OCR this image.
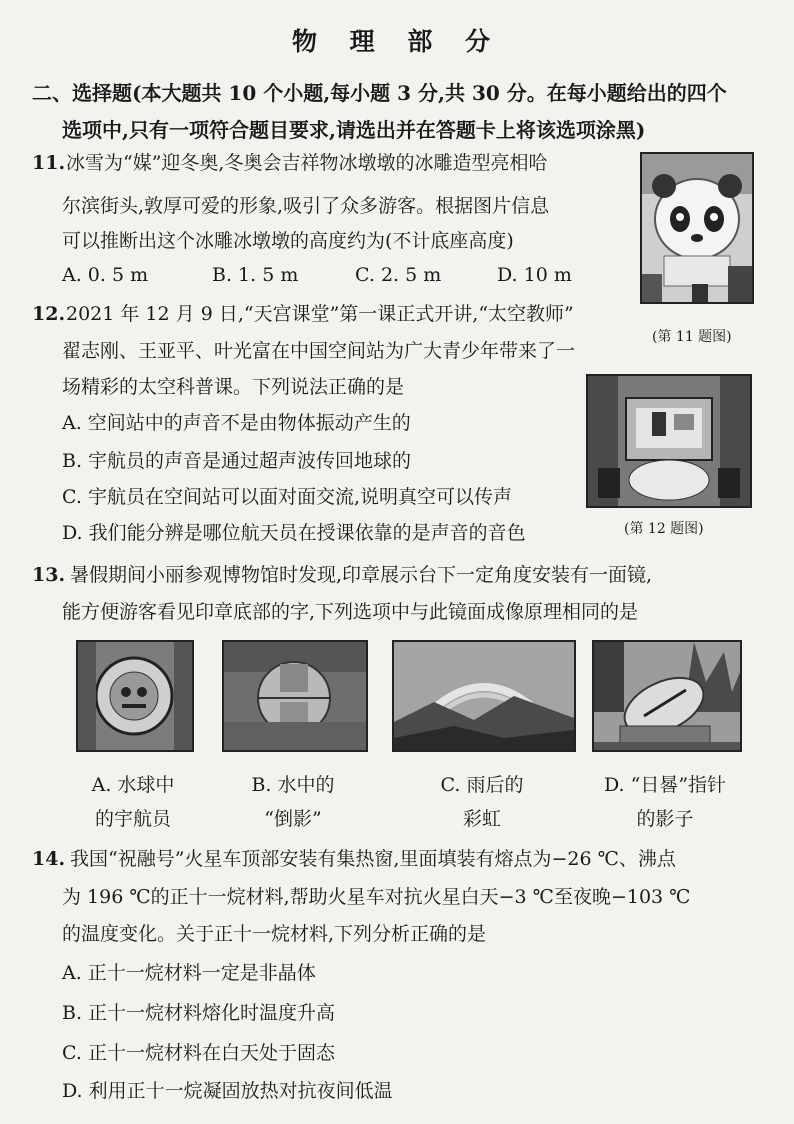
物 理 部 分
二、选择题(本大题共 10 个小题,每小题 3 分,共 30 分。在每小题给出的四个
选项中,只有一项符合题目要求,请选出并在答题卡上将该选项涂黑)
11. 冰雪为“媒”迎冬奥,冬奥会吉祥物冰墩墩的冰雕造型亮相哈
尔滨街头,敦厚可爱的形象,吸引了众多游客。根据图片信息
可以推断出这个冰雕冰墩墩的高度约为(不计底座高度)
A. 0. 5 m	B. 1. 5 m	C. 2. 5 m	D. 10 m
(第 11 题图)
12. 2021 年 12 月 9 日,“天宫课堂”第一课正式开讲,“太空教师”
翟志刚、王亚平、叶光富在中国空间站为广大青少年带来了一
场精彩的太空科普课。下列说法正确的是
A. 空间站中的声音不是由物体振动产生的
B. 宇航员的声音是通过超声波传回地球的
C. 宇航员在空间站可以面对面交流,说明真空可以传声
D. 我们能分辨是哪位航天员在授课依靠的是声音的音色	(第 12 题图)
13. 暑假期间小丽参观博物馆时发现,印章展示台下一定角度安装有一面镜,
能方便游客看见印章底部的字,下列选项中与此镜面成像原理相同的是
A. 水球中
的宇航员
B. 水中的
“倒影”
C. 雨后的
彩虹
D. “日晷”指针
的影子
14. 我国“祝融号”火星车顶部安装有集热窗,里面填装有熔点为−26 ℃、沸点
为 196 ℃的正十一烷材料,帮助火星车对抗火星白天−3 ℃至夜晚−103 ℃
的温度变化。关于正十一烷材料,下列分析正确的是
A. 正十一烷材料一定是非晶体
B. 正十一烷材料熔化时温度升高
C. 正十一烷材料在白天处于固态
D. 利用正十一烷凝固放热对抗夜间低温
